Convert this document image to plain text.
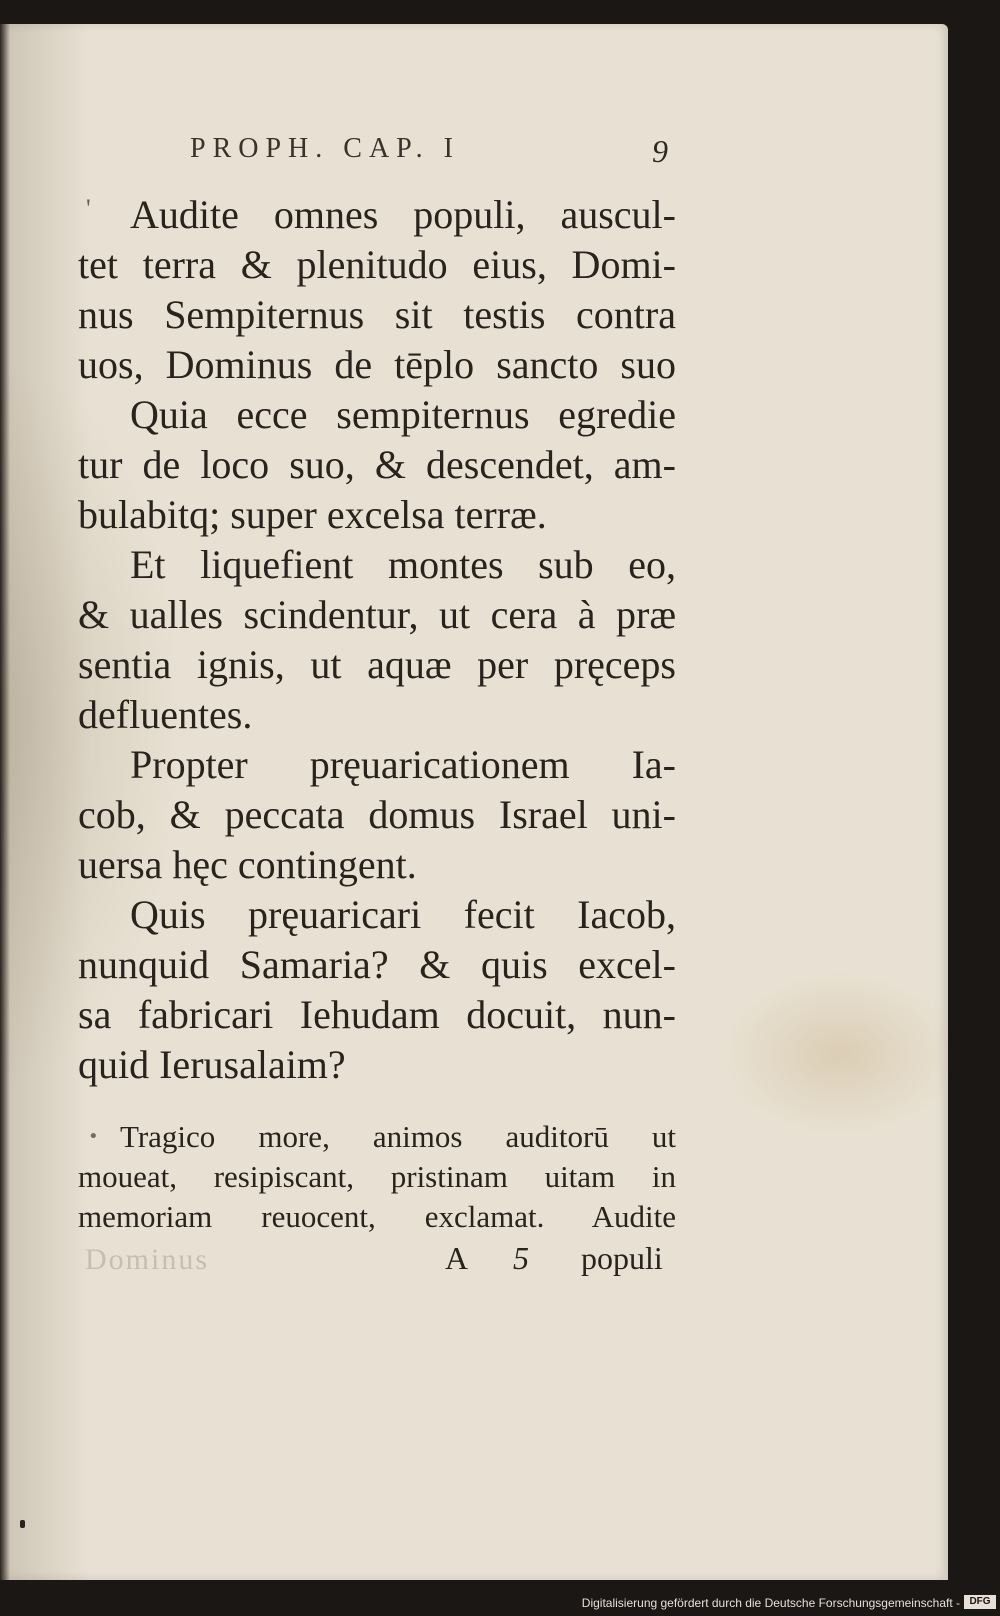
PROPH. CAP. I	9
' Audite omnes populi, auscul-
tet terra & plenitudo eius, Domi-
nus Sempiternus sit testis contra
uos, Dominus de tēplo sancto suo
Quia ecce sempiternus egredie
tur de loco suo, & descendet, am-
bulabitq; super excelsa terræ.
Et liquefient montes sub eo,
& ualles scindentur, ut cera à præ
sentia ignis, ut aquæ per pręceps
defluentes.
Propter pręuaricationem Ia-
cob, & peccata domus Israel uni-
uersa hęc contingent.
Quis pręuaricari fecit Iacob,
nunquid Samaria? & quis excel-
sa fabricari Iehudam docuit, nun-
quid Ierusalaim?
• Tragico more, animos auditorū ut
moueat, resipiscant, pristinam uitam in
memoriam reuocent, exclamat. Audite
Dominus	A 5 populi
Digitalisierung gefördert durch die Deutsche Forschungsgemeinschaft - DFG
